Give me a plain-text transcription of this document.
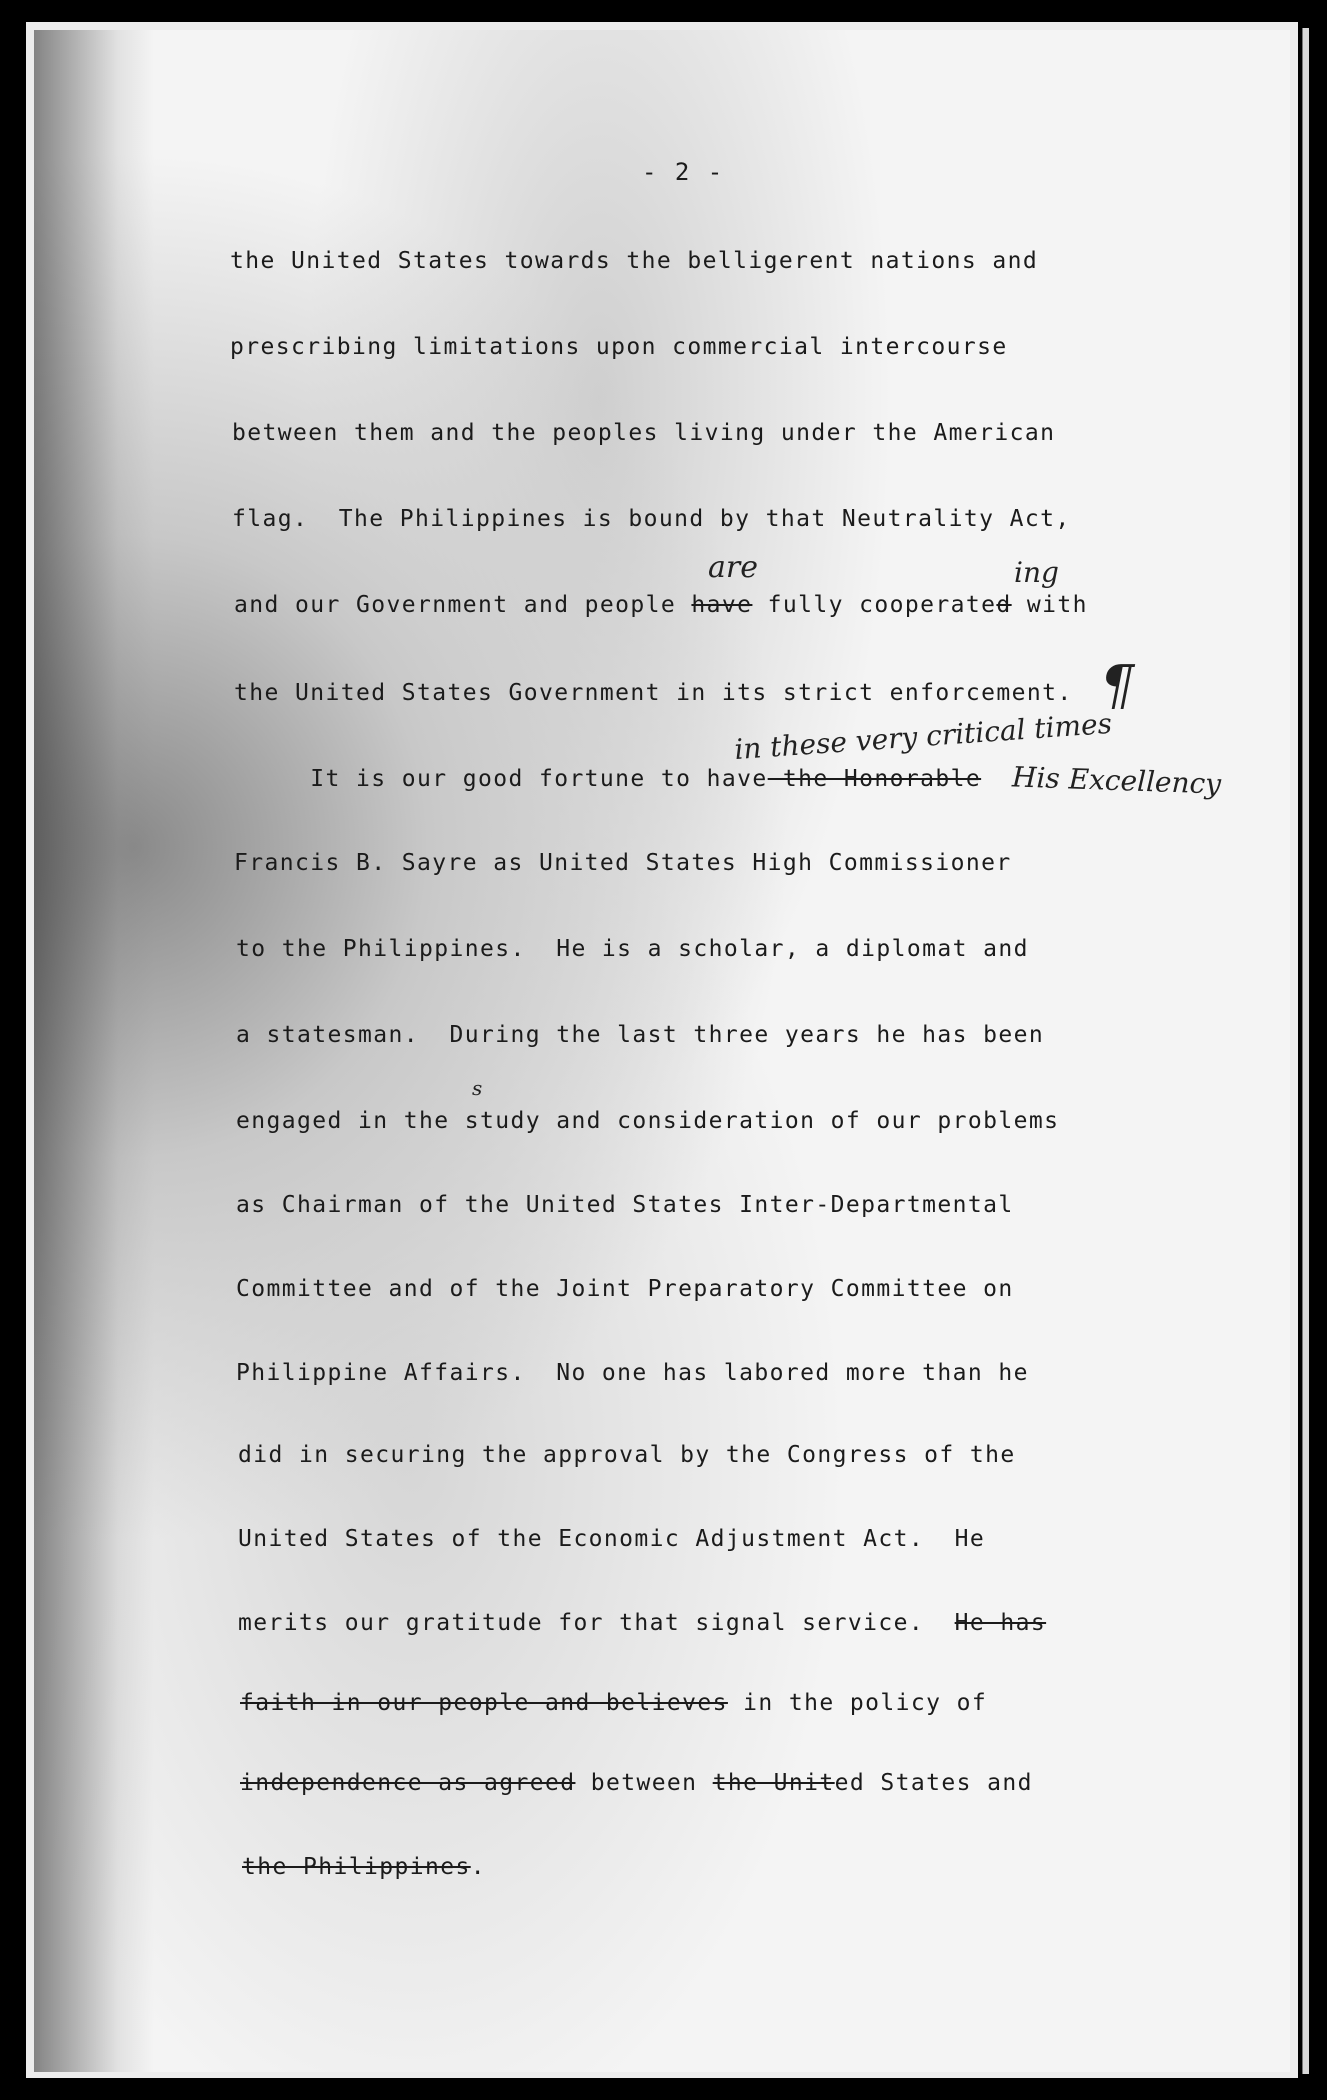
- 2 -
the United States towards the belligerent nations and
prescribing limitations upon commercial intercourse
between them and the peoples living under the American
flag.  The Philippines is bound by that Neutrality Act,
are	ing
and our Government and people have fully cooperated with
the United States Government in its strict enforcement. ¶
in these very critical times
It is our good fortune to have the Honorable His Excellency
Francis B. Sayre as United States High Commissioner
to the Philippines.  He is a scholar, a diplomat and
a statesman.  During the last three years he has been
s
engaged in the study and consideration of our problems
as Chairman of the United States Inter-Departmental
Committee and of the Joint Preparatory Committee on
Philippine Affairs.  No one has labored more than he
did in securing the approval by the Congress of the
United States of the Economic Adjustment Act.  He
merits our gratitude for that signal service.  He has
faith in our people and believes in the policy of
independence as agreed between the United States and
the Philippines.
